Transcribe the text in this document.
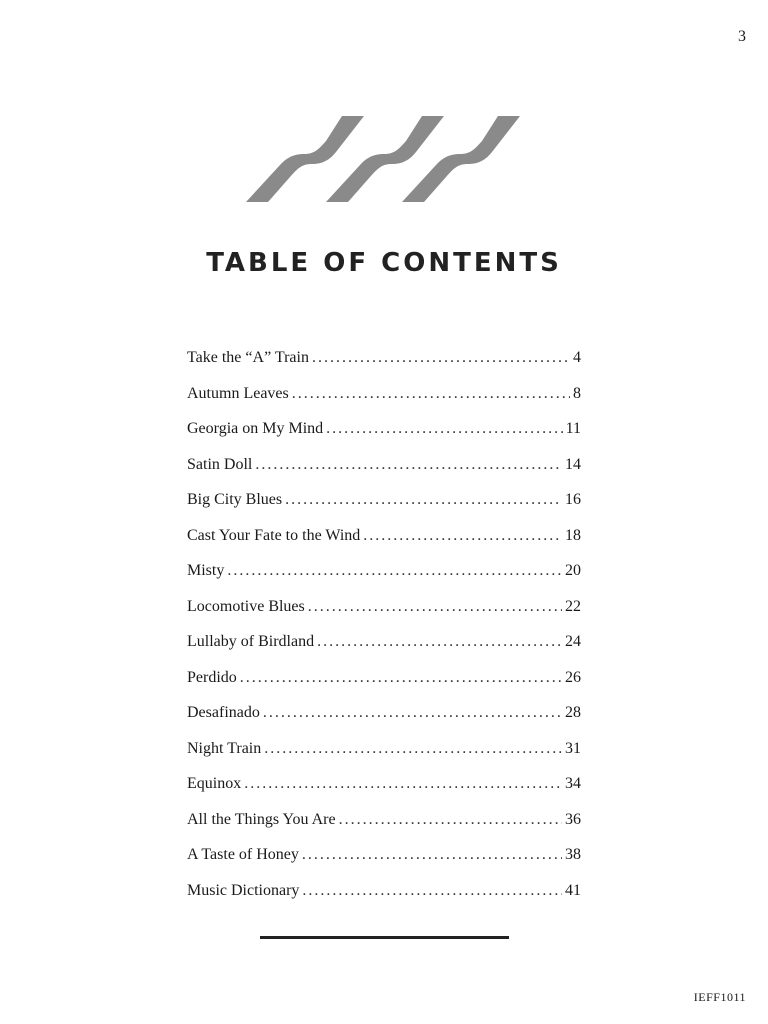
3
TABLE OF CONTENTS
Take the “A” Train .....	4
Autumn Leaves .....	8
Georgia on My Mind .....	11
Satin Doll .....	14
Big City Blues .....	16
Cast Your Fate to the Wind .....	18
Misty .....	20
Locomotive Blues .....	22
Lullaby of Birdland .....	24
Perdido .....	26
Desafinado .....	28
Night Train .....	31
Equinox .....	34
All the Things You Are .....	36
A Taste of Honey .....	38
Music Dictionary .....	41
IEFF1011
